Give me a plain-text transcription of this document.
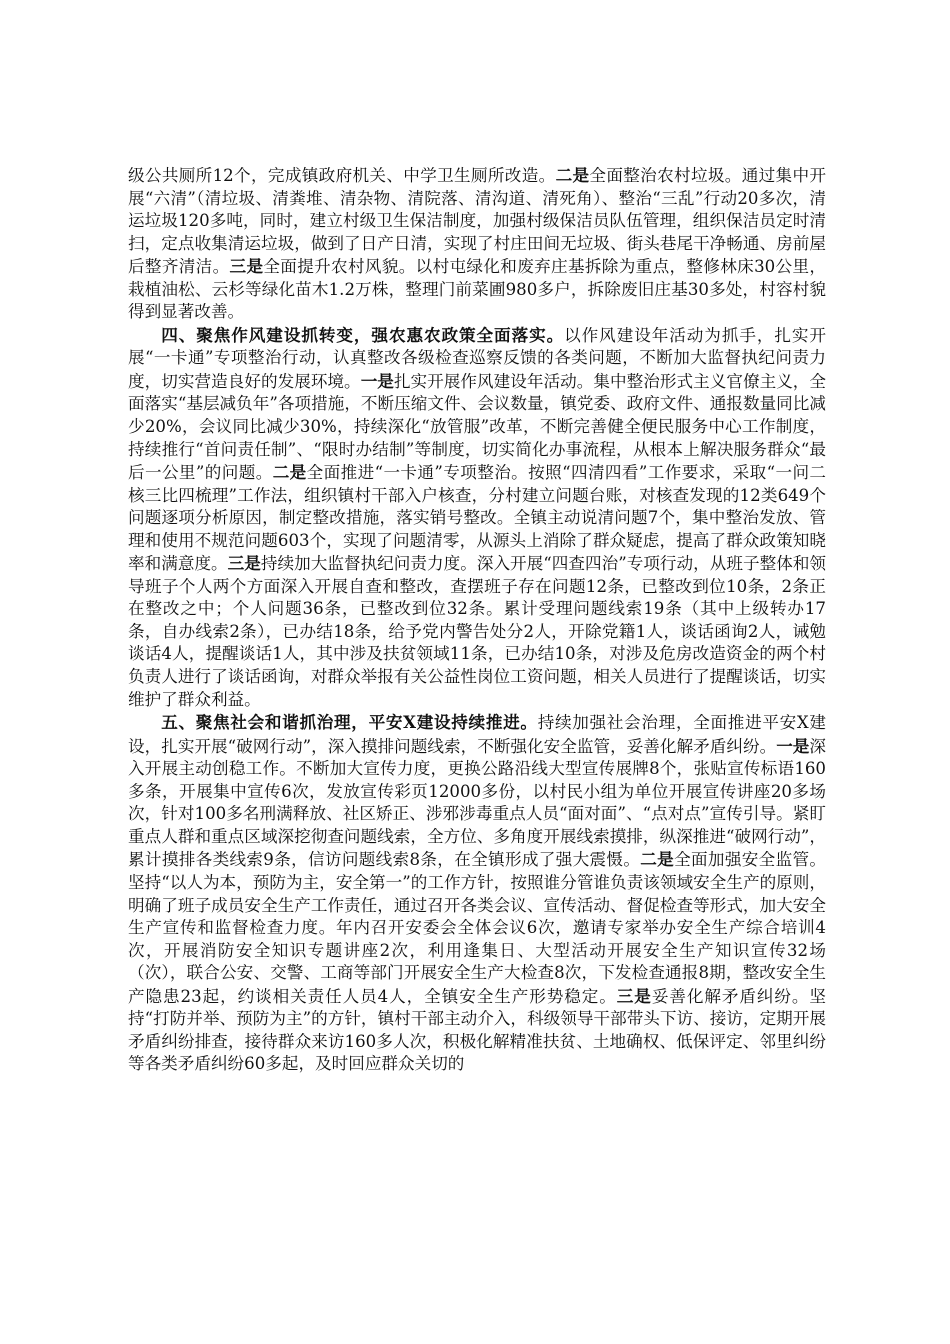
级公共厕所12个，完成镇政府机关、中学卫生厕所改造。二是全面整治农村垃圾。通过集中开展“六清”（清垃圾、清粪堆、清杂物、清院落、清沟道、清死角）、整治“三乱”行动20多次，清运垃圾120多吨，同时，建立村级卫生保洁制度，加强村级保洁员队伍管理，组织保洁员定时清扫，定点收集清运垃圾，做到了日产日清，实现了村庄田间无垃圾、街头巷尾干净畅通、房前屋后整齐清洁。三是全面提升农村风貌。以村屯绿化和废弃庄基拆除为重点，整修林床30公里，栽植油松、云杉等绿化苗木1.2万株，整理门前菜圃980多户，拆除废旧庄基30多处，村容村貌得到显著改善。

四、聚焦作风建设抓转变，强农惠农政策全面落实。以作风建设年活动为抓手，扎实开展“一卡通”专项整治行动，认真整改各级检查巡察反馈的各类问题，不断加大监督执纪问责力度，切实营造良好的发展环境。一是扎实开展作风建设年活动。集中整治形式主义官僚主义，全面落实“基层减负年”各项措施，不断压缩文件、会议数量，镇党委、政府文件、通报数量同比减少20%，会议同比减少30%，持续深化“放管服”改革，不断完善健全便民服务中心工作制度，持续推行“首问责任制”、“限时办结制”等制度，切实简化办事流程，从根本上解决服务群众“最后一公里”的问题。二是全面推进“一卡通”专项整治。按照“四清四看”工作要求，采取“一问二核三比四梳理”工作法，组织镇村干部入户核查，分村建立问题台账，对核查发现的12类649个问题逐项分析原因，制定整改措施，落实销号整改。全镇主动说清问题7个，集中整治发放、管理和使用不规范问题603个，实现了问题清零，从源头上消除了群众疑虑，提高了群众政策知晓率和满意度。三是持续加大监督执纪问责力度。深入开展“四查四治”专项行动，从班子整体和领导班子个人两个方面深入开展自查和整改，查摆班子存在问题12条，已整改到位10条，2条正在整改之中；个人问题36条，已整改到位32条。累计受理问题线索19条（其中上级转办17条，自办线索2条），已办结18条，给予党内警告处分2人，开除党籍1人，谈话函询2人，诫勉谈话4人，提醒谈话1人，其中涉及扶贫领域11条，已办结10条，对涉及危房改造资金的两个村负责人进行了谈话函询，对群众举报有关公益性岗位工资问题，相关人员进行了提醒谈话，切实维护了群众利益。

五、聚焦社会和谐抓治理，平安X建设持续推进。持续加强社会治理，全面推进平安X建设，扎实开展“破网行动”，深入摸排问题线索，不断强化安全监管，妥善化解矛盾纠纷。一是深入开展主动创稳工作。不断加大宣传力度，更换公路沿线大型宣传展牌8个，张贴宣传标语160多条，开展集中宣传6次，发放宣传彩页12000多份，以村民小组为单位开展宣传讲座20多场次，针对100多名刑满释放、社区矫正、涉邪涉毒重点人员“面对面”、“点对点”宣传引导。紧盯重点人群和重点区域深挖彻查问题线索，全方位、多角度开展线索摸排，纵深推进“破网行动”，累计摸排各类线索9条，信访问题线索8条，在全镇形成了强大震慑。二是全面加强安全监管。坚持“以人为本，预防为主，安全第一”的工作方针，按照谁分管谁负责该领域安全生产的原则，明确了班子成员安全生产工作责任，通过召开各类会议、宣传活动、督促检查等形式，加大安全生产宣传和监督检查力度。年内召开安委会全体会议6次，邀请专家举办安全生产综合培训4次，开展消防安全知识专题讲座2次，利用逢集日、大型活动开展安全生产知识宣传32场（次），联合公安、交警、工商等部门开展安全生产大检查8次，下发检查通报8期，整改安全生产隐患23起，约谈相关责任人员4人，全镇安全生产形势稳定。三是妥善化解矛盾纠纷。坚持“打防并举、预防为主”的方针，镇村干部主动介入，科级领导干部带头下访、接访，定期开展矛盾纠纷排查，接待群众来访160多人次，积极化解精准扶贫、土地确权、低保评定、邻里纠纷等各类矛盾纠纷60多起，及时回应群众关切的
